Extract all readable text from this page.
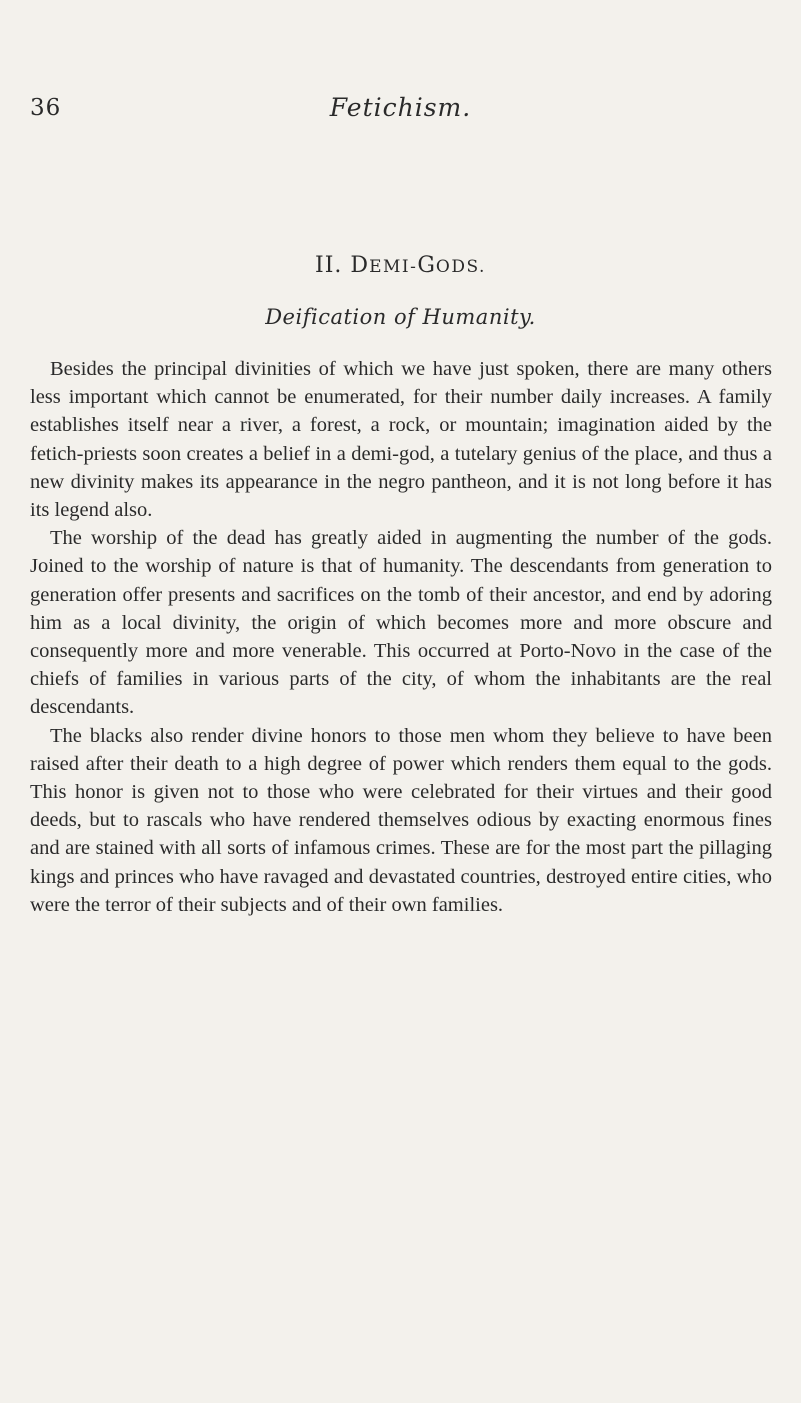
36	Fetichism.
II. DEMI-GODS.
Deification of Humanity.

Besides the principal divinities of which we have just spoken, there are many others less important which cannot be enumerated, for their number daily increases. A family establishes itself near a river, a forest, a rock, or mountain; imagination aided by the fetich-priests soon creates a belief in a demi-god, a tutelary genius of the place, and thus a new divinity makes its appearance in the negro pantheon, and it is not long before it has its legend also.

The worship of the dead has greatly aided in augmenting the number of the gods. Joined to the worship of nature is that of humanity. The descendants from generation to generation offer presents and sacrifices on the tomb of their ancestor, and end by adoring him as a local divinity, the origin of which becomes more and more obscure and consequently more and more venerable. This occurred at Porto-Novo in the case of the chiefs of families in various parts of the city, of whom the inhabitants are the real descendants.

The blacks also render divine honors to those men whom they believe to have been raised after their death to a high degree of power which renders them equal to the gods. This honor is given not to those who were celebrated for their virtues and their good deeds, but to rascals who have rendered themselves odious by exacting enormous fines and are stained with all sorts of infamous crimes. These are for the most part the pillaging kings and princes who have ravaged and devastated countries, destroyed entire cities, who were the terror of their subjects and of their own families.
